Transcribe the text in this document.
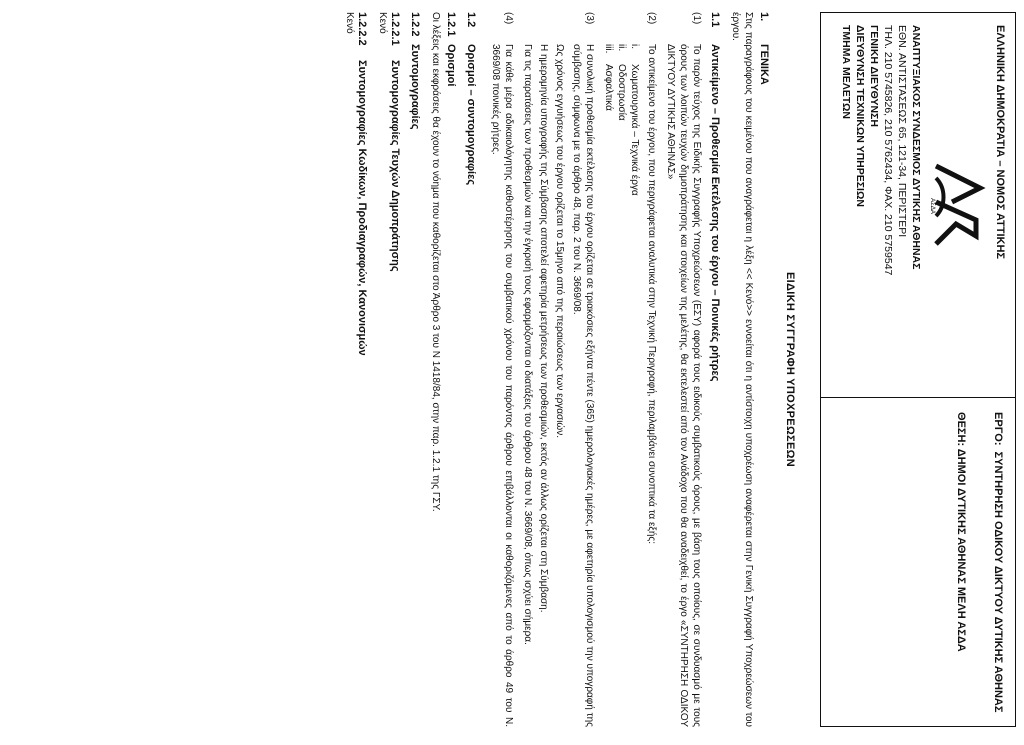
ΕΛΛΗΝΙΚΗ ΔΗΜΟΚΡΑΤΙΑ – ΝΟΜΟΣ ΑΤΤΙΚΗΣ
ΑΣΔΑ
ΑΝΑΠΤΥΞΙΑΚΟΣ ΣΥΝΔΕΣΜΟΣ ΔΥΤΙΚΗΣ ΑΘΗΝΑΣ
ΕΘΝ. ΑΝΤΙΣΤΑΣΕΩΣ 65, 121-34, ΠΕΡΙΣΤΕΡΙ
ΤΗΛ. 210 5745826, 210 5762434, ΦΑΧ. 210 5759547
ΓΕΝΙΚΗ ΔΙΕΥΘΥΝΣΗ
ΔΙΕΥΘΥΝΣΗ ΤΕΧΝΙΚΩΝ ΥΠΗΡΕΣΙΩΝ
ΤΜΗΜΑ ΜΕΛΕΤΩΝ
ΕΡΓΟ:
ΣΥΝΤΗΡΗΣΗ ΟΔΙΚΟΥ ΔΙΚΤΥΟΥ ΔΥΤΙΚΗΣ ΑΘΗΝΑΣ
ΘΕΣΗ: ΔΗΜΟΙ ΔΥΤΙΚΗΣ ΑΘΗΝΑΣ ΜΕΛΗ ΑΣΔΑ
ΕΙΔΙΚΗ ΣΥΓΓΡΑΦΗ ΥΠΟΧΡΕΩΣΕΩΝ
1.
ΓΕΝΙΚΑ
Στις παραγράφους του κειμένου που αναγράφεται η λέξη << Κενό>> εννοείται ότι η αντίστοιχη υποχρέωση αναφέρεται στην Γενική Συγγραφή Υποχρεώσεων του έργου.
1.1
Αντικείμενο – Προθεσμία Εκτέλεσης του έργου – Ποινικές ρήτρες
(1)
Το παρόν τεύχος της Ειδικής Συγγραφής Υποχρεώσεων (ΕΣΥ) αφορά τους ειδικούς συμβατικούς όρους, με βάση τους οποίους, σε συνδυασμό με τους όρους των λοιπών τευχών δημοπράτησης και στοιχείων της μελέτης, θα εκτελεστεί από τον Ανάδοχο που θα αναδειχθεί, το έργο «ΣΥΝΤΗΡΗΣΗ ΟΔΙΚΟΥ ΔΙΚΤΥΟΥ ΔΥΤΙΚΗΣ ΑΘΗΝΑΣ»
(2)
Το αντικείμενο του έργου, που περιγράφεται αναλυτικά στην Τεχνική Περιγραφή, περιλαμβάνει συνοπτικά τα εξής:
i.
Χωματουργικά – Τεχνικά έργα
ii.
Οδοστρωσία
iii.
Ασφαλτικά
(3)
Η συνολική προθεσμία εκτέλεσης του έργου ορίζεται σε τριακόσιες εξήντα πέντε (365) ημερολογιακές ημέρες, με αφετηρία υπολογισμού την υπογραφή της σύμβασης, σύμφωνα με το άρθρο 48, παρ. 2 του Ν. 3669/08.
Ως χρόνος εγγυήσεως του έργου ορίζεται το 15μηνο από της περαιώσεως των εργασιών.
Η ημερομηνία υπογραφής της Σύμβασης αποτελεί αφετηρία μετρήσεως των προθεσμιών, εκτός αν άλλως ορίζεται στη Σύμβαση.
Για τις παρατάσεις των προθεσμιών και την έγκρισή τους εφαρμόζονται οι διατάξεις του άρθρου 48 του Ν. 3669/08, όπως ισχύει σήμερα.
(4)
Για κάθε μέρα αδικαιολόγητης καθυστέρησης του συμβατικού χρόνου του παρόντος άρθρου επιβάλλονται οι καθοριζόμενες από το άρθρο 49 του Ν. 3669/08 ποινικές ρήτρες.
1.2
Ορισμοί – συντομογραφίες
1.2.1
Ορισμοί
Οι λέξεις και εκφράσεις θα έχουν το νόημα που καθορίζεται στο Άρθρο 3 του Ν 1418/84, στην παρ. 1.2.1 της ΓΣΥ.
1.2.2
Συντομογραφίες
1.2.2.1
Συντομογραφίες Τευχών Δημοπράτησης
Κενό
1.2.2.2
Συντομογραφίες Κωδίκων, Προδιαγραφών, Κανονισμών
Κενό
